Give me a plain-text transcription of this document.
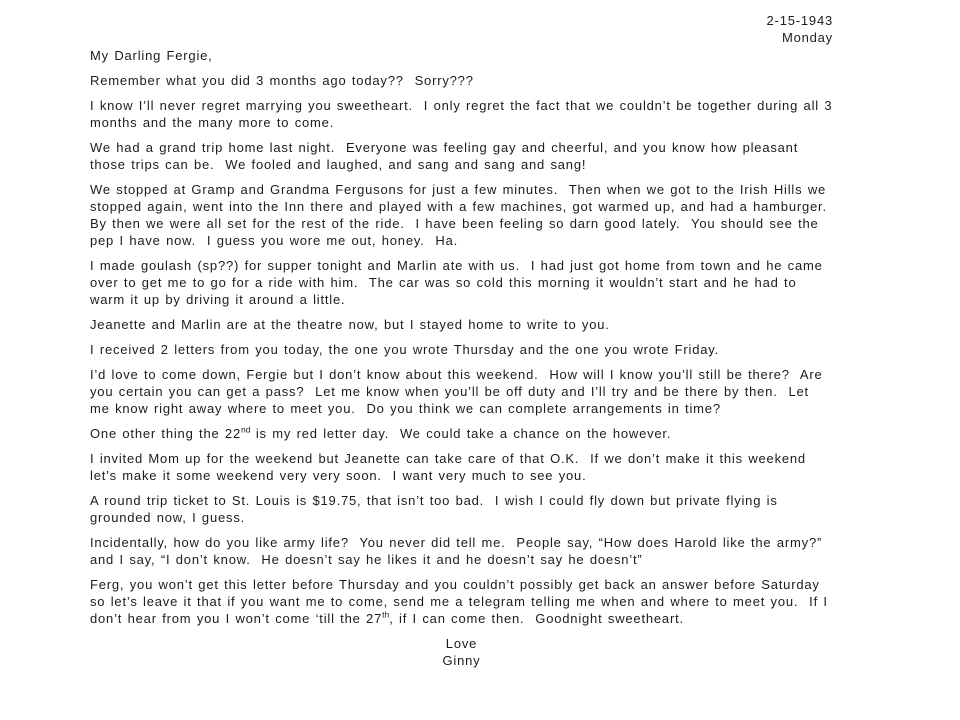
2-15-1943
Monday

My Darling Fergie,

Remember what you did 3 months ago today??  Sorry???

I know I’ll never regret marrying you sweetheart.  I only regret the fact that we couldn’t be together during all 3 months and the many more to come.

We had a grand trip home last night.  Everyone was feeling gay and cheerful, and you know how pleasant those trips can be.  We fooled and laughed, and sang and sang and sang!

We stopped at Gramp and Grandma Fergusons for just a few minutes.  Then when we got to the Irish Hills we stopped again, went into the Inn there and played with a few machines, got warmed up, and had a hamburger.  By then we were all set for the rest of the ride.  I have been feeling so darn good lately.  You should see the pep I have now.  I guess you wore me out, honey.  Ha.

I made goulash (sp??) for supper tonight and Marlin ate with us.  I had just got home from town and he came over to get me to go for a ride with him.  The car was so cold this morning it wouldn’t start and he had to warm it up by driving it around a little.

Jeanette and Marlin are at the theatre now, but I stayed home to write to you.

I received 2 letters from you today, the one you wrote Thursday and the one you wrote Friday.

I’d love to come down, Fergie but I don’t know about this weekend.  How will I know you’ll still be there?  Are you certain you can get a pass?  Let me know when you’ll be off duty and I’ll try and be there by then.  Let me know right away where to meet you.  Do you think we can complete arrangements in time?

One other thing the 22nd is my red letter day.  We could take a chance on the however.

I invited Mom up for the weekend but Jeanette can take care of that O.K.  If we don’t make it this weekend let’s make it some weekend very very soon.  I want very much to see you.

A round trip ticket to St. Louis is $19.75, that isn’t too bad.  I wish I could fly down but private flying is grounded now, I guess.

Incidentally, how do you like army life?  You never did tell me.  People say, “How does Harold like the army?” and I say, “I don’t know.  He doesn’t say he likes it and he doesn’t say he doesn’t”

Ferg, you won’t get this letter before Thursday and you couldn’t possibly get back an answer before Saturday so let’s leave it that if you want me to come, send me a telegram telling me when and where to meet you.  If I don’t hear from you I won’t come ‘till the 27th, if I can come then.  Goodnight sweetheart.

Love
Ginny
